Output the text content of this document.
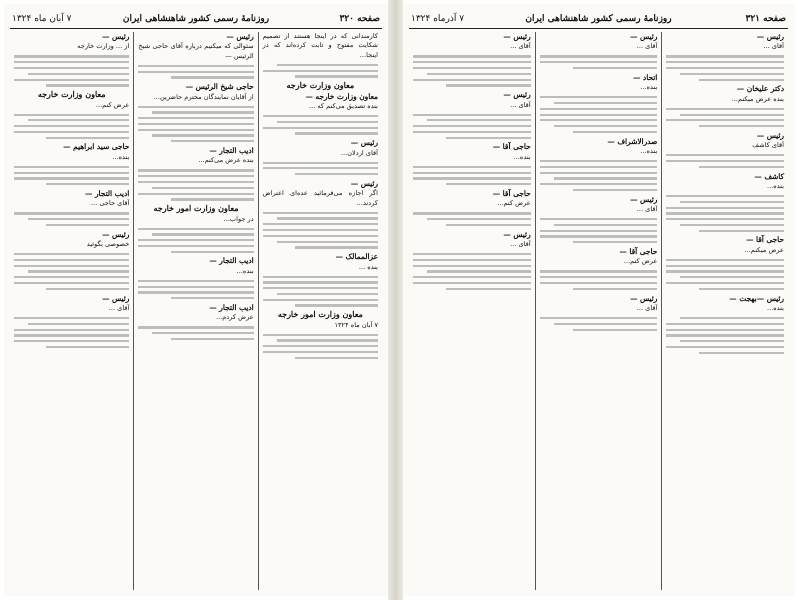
صفحه ۳۲۰
روزنامهٔ رسمی کشور شاهنشاهی ایران
۷ آبان ماه ۱۳۲۴
کارمندانی که در اینجا هستند از تصمیم شکایت مفتوح و ثابت کرده‌اند که در اینجا...
معاون وزارت خارجه
معاون وزارت خارجه —
بنده تصدیق می‌کنم که ...
رئیس —
آقای اردلان...
رئیس —
اگر اجازه می‌فرمائید عده‌ای اعتراض کردند...
عزالممالک —
بنده ...
معاون وزارت امور خارجه
۷ آبان ماه ۱۳۲۴
رئیس —
سئوالی که میکنیم درباره آقای حاجی شیخ الرئیس —
حاجی شیخ الرئیس —
از آقایان نمایندگان محترم حاضرین...
ادیب التجار —
بنده عرض می‌کنم...
معاون وزارت امور خارجه
در جواب...
ادیب التجار —
بنده...
ادیب التجار —
عرض کردم...
رئیس —
از ... وزارت خارجه
معاون وزارت خارجه
عرض کنم...
حاجی سید ابراهیم —
بنده...
ادیب التجار —
آقای حاجی ...
رئیس —
خصوصی بگوئید
رئیس —
آقای ...
صفحه ۳۲۱
روزنامهٔ رسمی کشور شاهنشاهی ایران
۷ آذرماه ۱۳۲۴
رئیس —
آقای ...
دکتر علیخان —
بنده عرض میکنم...
رئیس —
آقای کاشف
کاشف —
بنده...
حاجی آقا —
عرض میکنم...
رئیس —بهجت —
بنده...
رئیس —
آقای ...
اتحاد —
بنده...
صدرالاشراف —
بنده...
رئیس —
آقای ...
حاجی آقا —
عرض کنم...
رئیس —
آقای ...
رئیس —
آقای ...
رئیس —
آقای ...
حاجی آقا —
بنده...
حاجی آقا —
عرض کنم...
رئیس —
آقای ...
